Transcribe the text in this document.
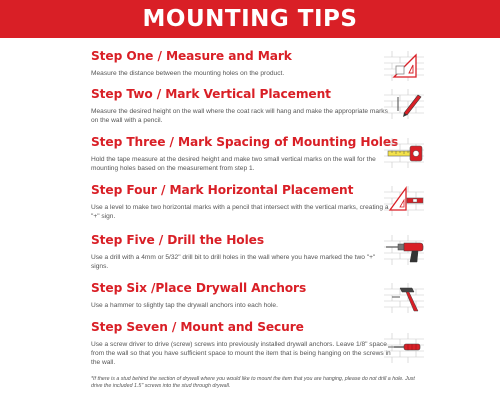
MOUNTING TIPS
Step One / Measure and Mark

Measure the distance between the mounting holes on the product.

Step Two / Mark Vertical Placement

Measure the desired height on the wall where the coat rack will hang and make the appropriate marks on the wall with a pencil.

Step Three / Mark Spacing of Mounting Holes

Hold the tape measure at the desired height and make two small vertical marks on the wall for the mounting holes based on the measurement from step 1.

Step Four / Mark Horizontal Placement

Use a level to make two horizontal marks with a pencil that intersect with the vertical marks, creating a "+" sign.

Step Five / Drill the Holes

Use a drill with a 4mm or 5/32" drill bit to drill holes in the wall where you have marked the two "+" signs.

Step Six /Place Drywall Anchors

Use a hammer to slightly tap the drywall anchors into each hole.

Step Seven / Mount and Secure

Use a screw driver to drive (screw) screws into previously installed drywall anchors. Leave 1/8" space from the wall so that you have sufficient space to mount the item that is being hanging on the screws in the wall.

*If there is a stud behind the section of drywall where you would like to mount the item that you are hanging, please do not drill a hole. Just drive the included 1.5" screws into the stud through drywall.
